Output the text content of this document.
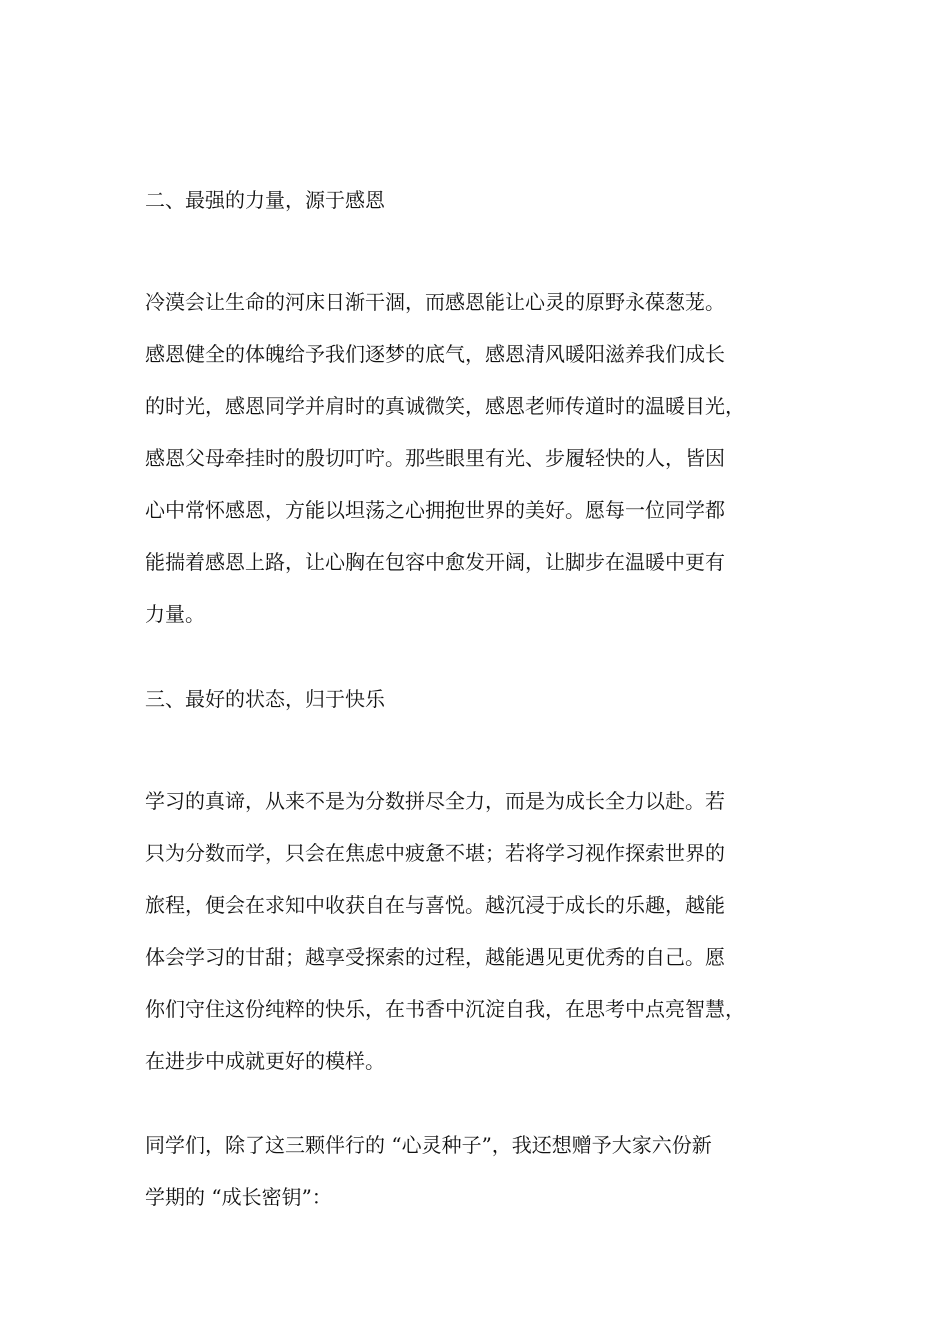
二、最强的力量，源于感恩
冷漠会让生命的河床日渐干涸，而感恩能让心灵的原野永葆葱茏。
感恩健全的体魄给予我们逐梦的底气，感恩清风暖阳滋养我们成长
的时光，感恩同学并肩时的真诚微笑，感恩老师传道时的温暖目光，
感恩父母牵挂时的殷切叮咛。那些眼里有光、步履轻快的人，皆因
心中常怀感恩，方能以坦荡之心拥抱世界的美好。愿每一位同学都
能揣着感恩上路，让心胸在包容中愈发开阔，让脚步在温暖中更有
力量。
三、最好的状态，归于快乐
学习的真谛，从来不是为分数拼尽全力，而是为成长全力以赴。若
只为分数而学，只会在焦虑中疲惫不堪；若将学习视作探索世界的
旅程，便会在求知中收获自在与喜悦。越沉浸于成长的乐趣，越能
体会学习的甘甜；越享受探索的过程，越能遇见更优秀的自己。愿
你们守住这份纯粹的快乐，在书香中沉淀自我，在思考中点亮智慧，
在进步中成就更好的模样。
同学们，除了这三颗伴行的 “心灵种子”，我还想赠予大家六份新
学期的 “成长密钥”：
